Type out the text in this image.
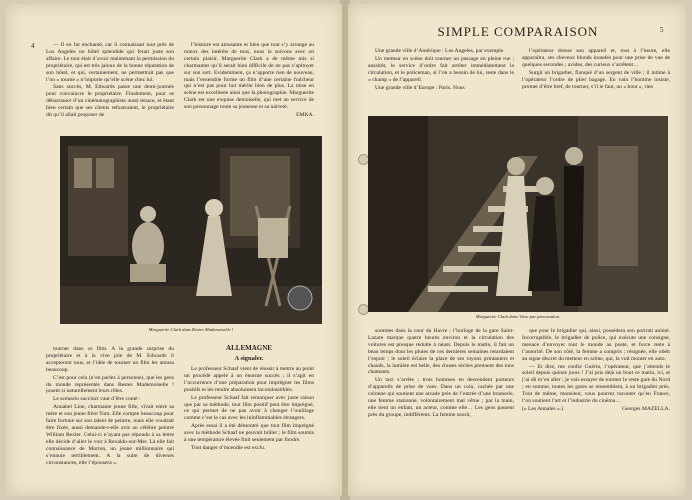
4	— Il en fut enchanté, car il connaissait tout près de Los Angeles un hôtel splendide qui ferait juste son affaire. Le tout était d’avoir maintenant la permission du propriétaire, qui est très jaloux de la bonne réputation de son hôtel, et qui, certainement, ne permettrait pas que l’on « tourne » n’importe qu’elle scène chez lui.

Sans succès, M. Edwards passe une demi-journée pour convaincre le propriétaire. Finalement, pour se débarrasser d’un cinématographiste aussi tenace, et étant bien certain que ses clients refuseraient, le propriétaire dit qu’il allait proposer de

l’histoire est amusante et bien que tout s’y arrange au mieux des intérêts de tous, nous la suivons avec un certain plaisir. Marguerite Clark a de même mis si charmantes qu’il serait bien difficile de ne pas s’apitoyer sur son sort. Evidemment, ça n’apporte rien de nouveau, mais l’ensemble forme un film d’une certaine fraîcheur qui n’est pas pour but mérite bien de plus. La mise en scène est excellente ainsi que la photographie. Marguerite Clark est une exquise demoiselle, qui met au service de son personnage toute sa jeunesse et sa naïveté.

EMKA.

Marguerite Clark dans Restes Mademoiselle !

tourner dans ce film. A la grande surprise du propriétaire et à la vive joie de M. Edwards il accepteront tous, et l’idée de tourner un film les amusa beaucoup.

C’est pour cela (n’en parlez à personne), que les gens du monde représentés dans Restes Mademoiselle ! jouent si naturellement leurs rôles.

Le scénario succinct vaut d’être conté :

Annabel Line, charmante jeune fille, vivait entre sa mère et son jeune frère Tom. Elle compte beaucoup pour faire fortune sur son talent de peintre, mais elle voudrait être fixée, aussi demande-t-elle avis au célèbre peintre William Rexier. Celui-ci n’ayant pas répondu à sa lettre elle décide d’aller le voir à Rexaldo-sur-Mer. Là elle fait connaissance de Morton, un jeune millionnaire qui s’ennuie terriblement. A la suite de diverses circonstances, elle l’épousera ».

ALLEMAGNE
A signaler.

Le professeur Schaaf vient de réussir à mettre au point un procédé appelé à un énorme succès ; il s’agit en l’occurrence d’une préparation pour imprégner les films positifs et les rendre absolument incombustibles.

Le professeur Schaaf fait remarquer avec juste raison que par sa méthode, tout film positif peut être imprégné, ce qui permet de ne pas avoir à changer l’outillage comme c’est le cas avec les ininflammables étrangers.

Après essai il a été démontré que tout film imprégné avec la méthode Schaaf ne pouvait brûler ; le film soumis à une température élevée finit seulement par fondre.

Tout danger d’incendie est exclu.

SIMPLE COMPARAISON	5

Une grande ville d’Amérique : Los Angeles, par exemple.

Un metteur en scène doit tourner un passage en pleine rue ; aussitôt, le service d’ordre fait arrêter immédiatement la circulation, et le policeman, si l’on a besoin de lui, reste dans le « champ » de l’appareil.

Une grande ville d’Europe : Paris. Nous

l’opérateur dresse son appareil et, tout à l’heure, elle apparaîtra, ses cheveux blonds inondés pour une prise de vue de quelques secondes ; avides, des curieux s’arrêtent…

Surgit un brigadier, flanqué d’un sergent de ville ; il intime à l’opérateur l’ordre de plier bagage. En vain l’homme insiste, promet d’être bref, de tourner, s’il le faut, un « bout », rien

Marguerite Clark dans Vivre par procuration.

sommes dans la cour du Havre ; l’horloge de la gare Saint-Lazare marque quatre heures environ et la circulation des voitures est presque réduite à néant. Depuis le matin, il fait un beau temps dont les pluies de ces dernières semaines retardaient l’espoir ; le soleil éclaire la place de ses rayons printaniers et chauds, la lumière est belle, des choses sèches prennent des tons chantants.

Un taxi s’arrête ; trois hommes en descendent porteurs d’appareils de prise de vues. Dans un coin, cachée par une colonne qui soutient une arcade près de l’entrée d’une brasserie, une femme stationne, volontairement mal vêtue ; par la main, elle tient un enfant, un acteur, comme elle… Les gens passent près du groupe, indifférents. La femme sourit,

que pour le brigadier qui, ainsi, possédera son portrait animé. Incorruptible, le brigadier de police, qui exécute une consigne, menace d’envoyer tout le monde au poste, et force reste à l’autorité. De son côté, la femme a compris ; résignée, elle obéit au signe discret du metteur en scène, qui, la voit monter en auto.

— Et dire, me confie Guérin, l’opérateur, que j’attends le soleil depuis quinze jours ! J’ai pris déjà un bout ce matin, ici, et j’ai dû m’en aller ; je vais essayer de tourner le reste gare du Nord ; en somme, toutes les gares se ressemblent, à un brigadier près. Tout de même, monsieur, vous pourrez raconter qu’en France, l’on soutient l’art et l’industrie du cinéma…

(« Les Annales ».)	Georges MAZELLA.
